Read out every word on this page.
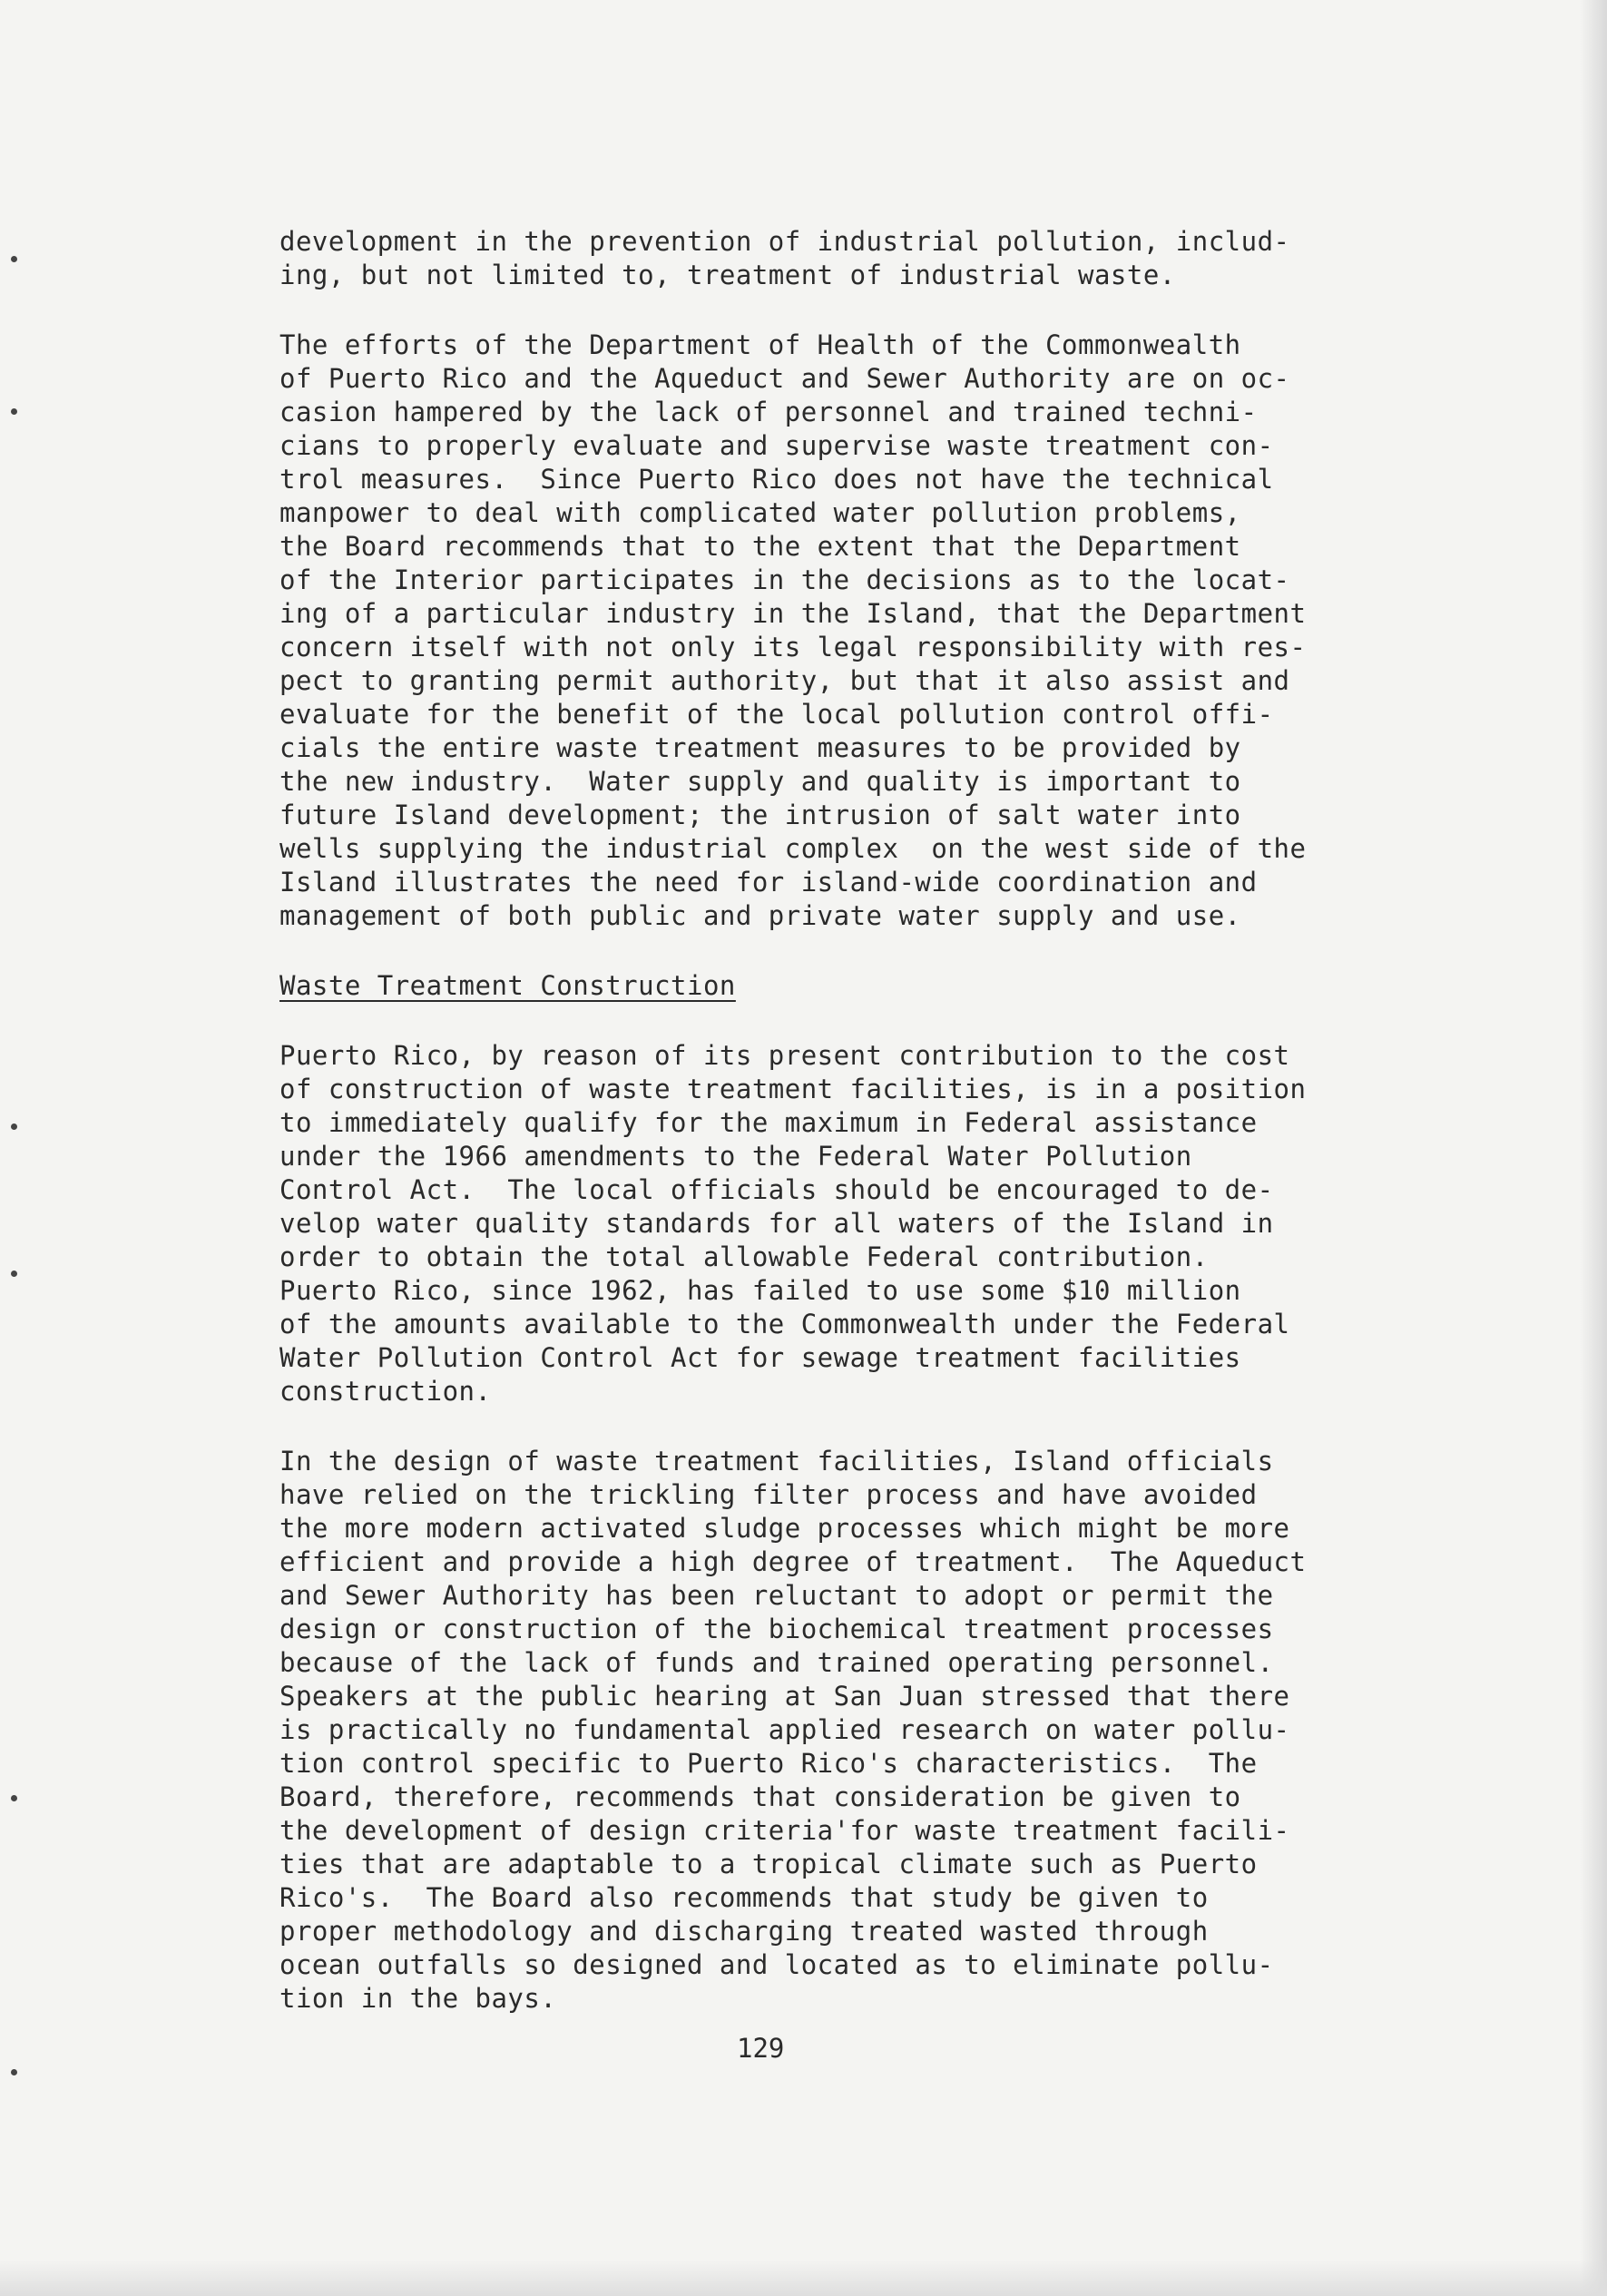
development in the prevention of industrial pollution, includ-

ing, but not limited to, treatment of industrial waste.

The efforts of the Department of Health of the Commonwealth

of Puerto Rico and the Aqueduct and Sewer Authority are on oc-

casion hampered by the lack of personnel and trained techni-

cians to properly evaluate and supervise waste treatment con-

trol measures.  Since Puerto Rico does not have the technical

manpower to deal with complicated water pollution problems,

the Board recommends that to the extent that the Department

of the Interior participates in the decisions as to the locat-

ing of a particular industry in the Island, that the Department

concern itself with not only its legal responsibility with res-

pect to granting permit authority, but that it also assist and

evaluate for the benefit of the local pollution control offi-

cials the entire waste treatment measures to be provided by

the new industry.  Water supply and quality is important to

future Island development; the intrusion of salt water into

wells supplying the industrial complex  on the west side of the

Island illustrates the need for island-wide coordination and

management of both public and private water supply and use.

Waste Treatment Construction

Puerto Rico, by reason of its present contribution to the cost

of construction of waste treatment facilities, is in a position

to immediately qualify for the maximum in Federal assistance

under the 1966 amendments to the Federal Water Pollution

Control Act.  The local officials should be encouraged to de-

velop water quality standards for all waters of the Island in

order to obtain the total allowable Federal contribution.

Puerto Rico, since 1962, has failed to use some $10 million

of the amounts available to the Commonwealth under the Federal

Water Pollution Control Act for sewage treatment facilities

construction.

In the design of waste treatment facilities, Island officials

have relied on the trickling filter process and have avoided

the more modern activated sludge processes which might be more

efficient and provide a high degree of treatment.  The Aqueduct

and Sewer Authority has been reluctant to adopt or permit the

design or construction of the biochemical treatment processes

because of the lack of funds and trained operating personnel.

Speakers at the public hearing at San Juan stressed that there

is practically no fundamental applied research on water pollu-

tion control specific to Puerto Rico's characteristics.  The

Board, therefore, recommends that consideration be given to

the development of design criteria'for waste treatment facili-

ties that are adaptable to a tropical climate such as Puerto

Rico's.  The Board also recommends that study be given to

proper methodology and discharging treated wasted through

ocean outfalls so designed and located as to eliminate pollu-

tion in the bays.

129
